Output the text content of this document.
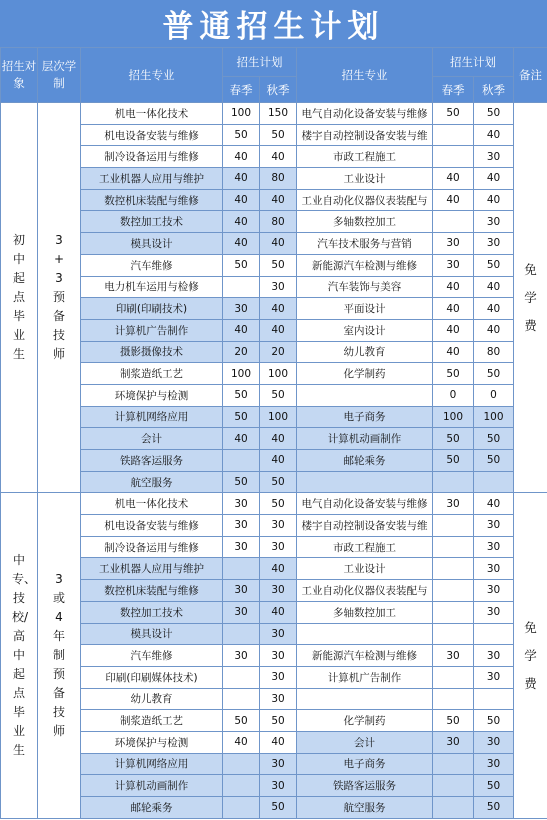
普通招生计划
招生对象	层次学制	招生专业	招生计划		招生专业	招生计划		备注
			春季	秋季		春季	秋季	
初中起点毕业生	3+3预备技师	机电一体化技术	100	150	电气自动化设备安装与维修	50	50	免学费
		机电设备安装与维修	50	50	楼宇自动控制设备安装与维		40	
		制冷设备运用与维修	40	40	市政工程施工		30	
		工业机器人应用与维护	40	80	工业设计	40	40	
		数控机床装配与维修	40	40	工业自动化仪器仪表装配与	40	40	
		数控加工技术	40	80	多轴数控加工		30	
		模具设计	40	40	汽车技术服务与营销	30	30	
		汽车维修	50	50	新能源汽车检测与维修	30	50	
		电力机车运用与检修		30	汽车装饰与美容	40	40	
		印刷(印刷技术)	30	40	平面设计	40	40	
		计算机广告制作	40	40	室内设计	40	40	
		摄影摄像技术	20	20	幼儿教育	40	80	
		制浆造纸工艺	100	100	化学制药	50	50	
		环境保护与检测	50	50		0	0	
		计算机网络应用	50	100	电子商务	100	100	
		会计	40	40	计算机动画制作	50	50	
		铁路客运服务		40	邮轮乘务	50	50	
		航空服务	50	50				
中专、技校/高中起点毕业生	3或4年制预备技师	机电一体化技术	30	50	电气自动化设备安装与维修	30	40	免学费
		机电设备安装与维修	30	30	楼宇自动控制设备安装与维		30	
		制冷设备运用与维修	30	30	市政工程施工		30	
		工业机器人应用与维护		40	工业设计		30	
		数控机床装配与维修	30	30	工业自动化仪器仪表装配与		30	
		数控加工技术	30	40	多轴数控加工		30	
		模具设计		30				
		汽车维修	30	30	新能源汽车检测与维修	30	30	
		印刷(印刷媒体技术)		30	计算机广告制作		30	
		幼儿教育		30				
		制浆造纸工艺	50	50	化学制药	50	50	
		环境保护与检测	40	40	会计	30	30	
		计算机网络应用		30	电子商务		30	
		计算机动画制作		30	铁路客运服务		50	
		邮轮乘务		50	航空服务		50	
